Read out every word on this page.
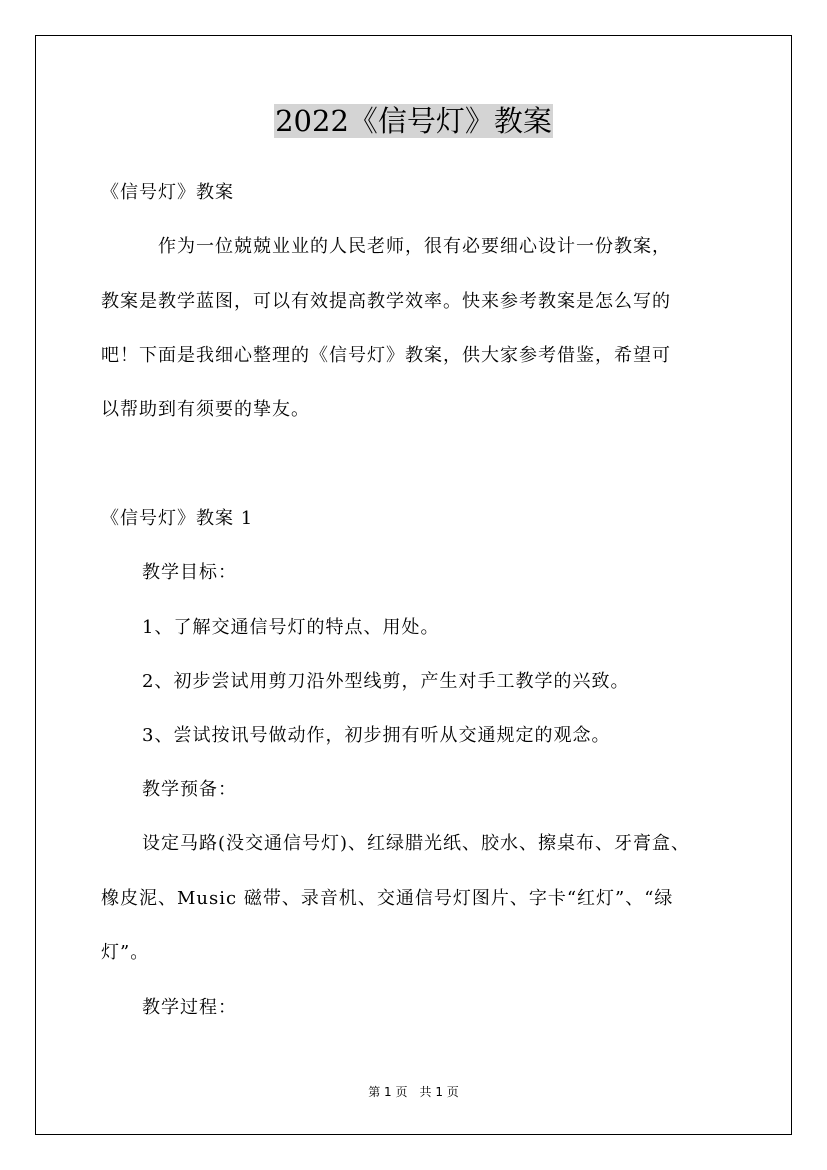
2022《信号灯》教案
《信号灯》教案
　　　作为一位兢兢业业的人民老师，很有必要细心设计一份教案，
教案是教学蓝图，可以有效提高教学效率。快来参考教案是怎么写的
吧！下面是我细心整理的《信号灯》教案，供大家参考借鉴，希望可
以帮助到有须要的挚友。
《信号灯》教案 1
教学目标：
1、了解交通信号灯的特点、用处。
2、初步尝试用剪刀沿外型线剪，产生对手工教学的兴致。
3、尝试按讯号做动作，初步拥有听从交通规定的观念。
教学预备：
设定马路(没交通信号灯)、红绿腊光纸、胶水、擦桌布、牙膏盒、
橡皮泥、Music 磁带、录音机、交通信号灯图片、字卡“红灯”、“绿
灯”。
教学过程：
第 1 页　共 1 页
